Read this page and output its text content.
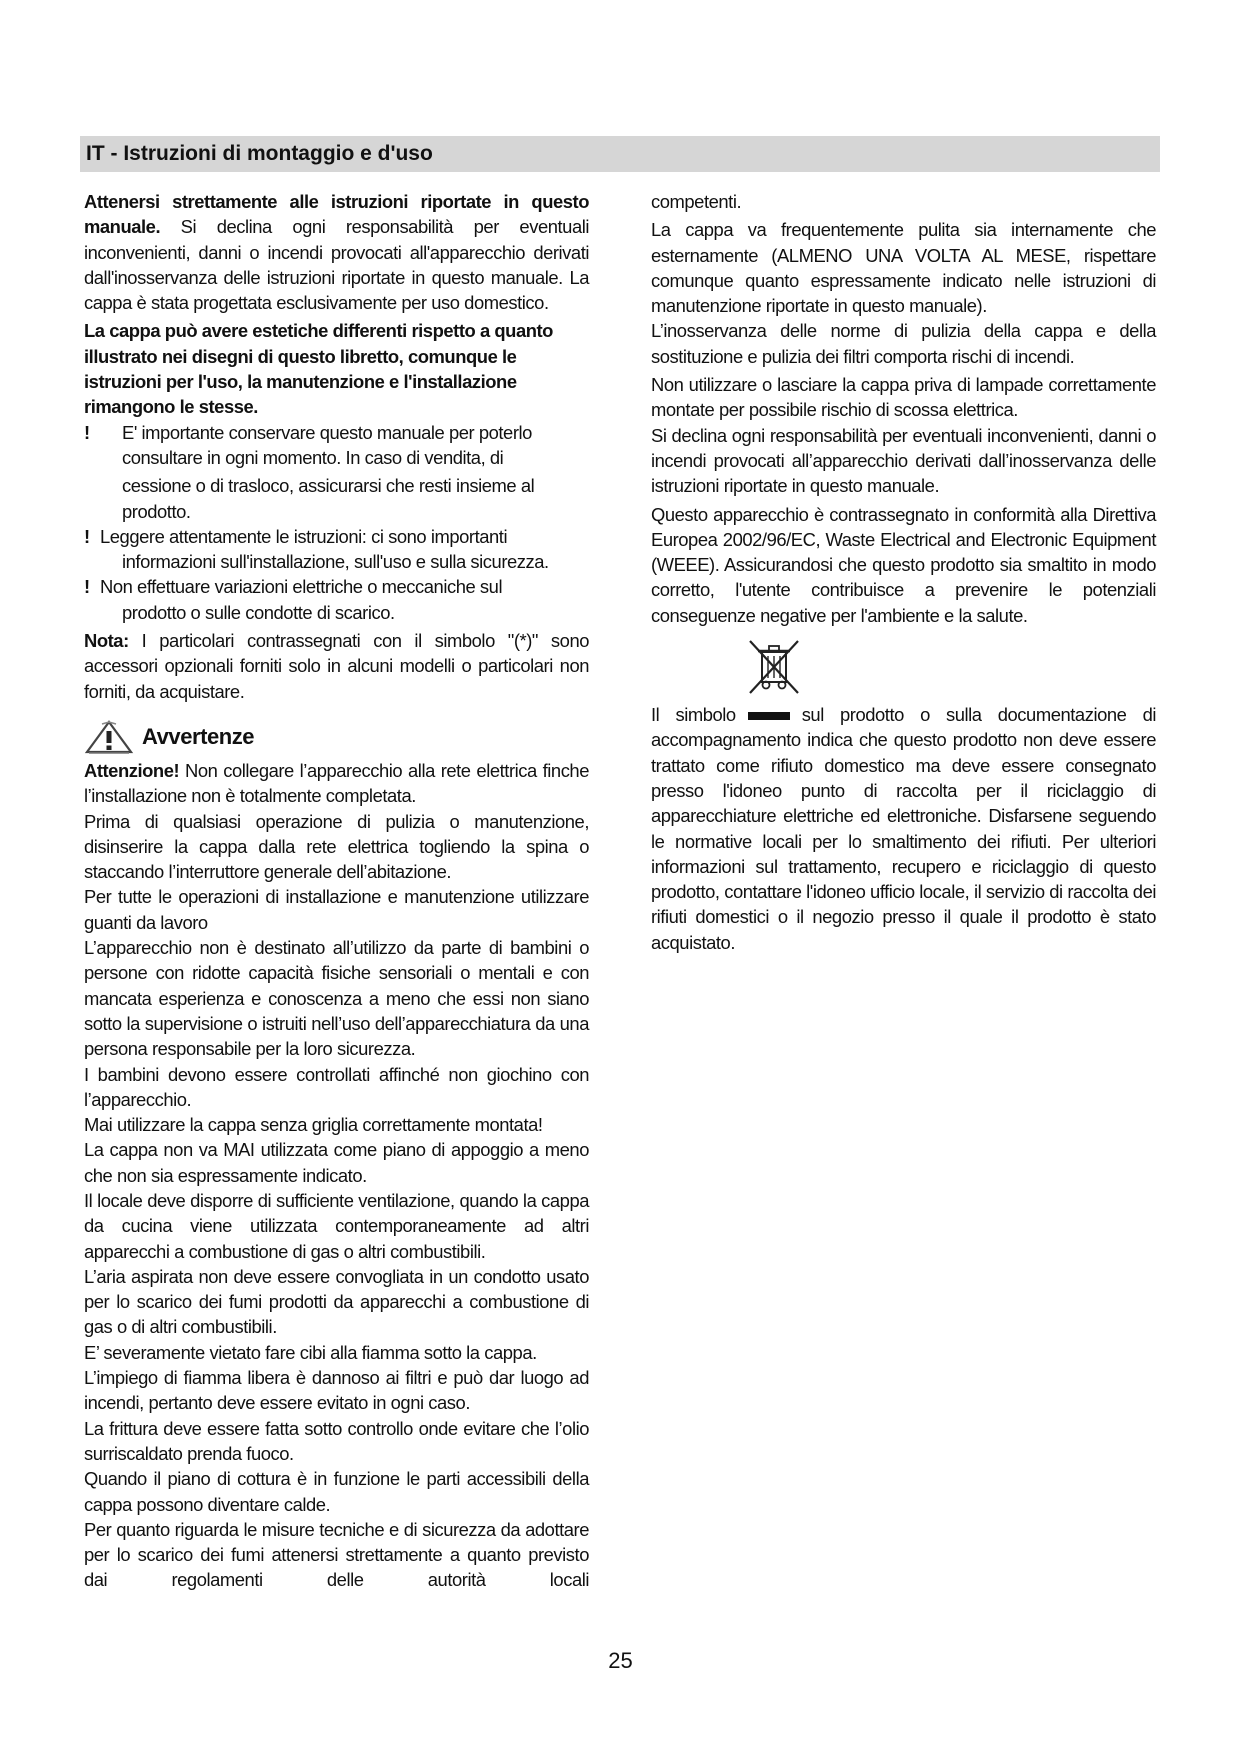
IT - Istruzioni di montaggio e d'uso

Attenersi strettamente alle istruzioni riportate in questo manuale. Si declina ogni responsabilità per eventuali inconvenienti, danni o incendi provocati all'apparecchio derivati dall'inosservanza delle istruzioni riportate in questo manuale. La cappa è stata progettata esclusivamente per uso domestico.

La cappa può avere estetiche differenti rispetto a quanto illustrato nei disegni di questo libretto, comunque le istruzioni per l'uso, la manutenzione e l'installazione rimangono le stesse.

!	E' importante conservare questo manuale per poterlo consultare in ogni momento. In caso di vendita, di
cessione o di trasloco, assicurarsi che resti insieme al prodotto.
! Leggere attentamente le istruzioni: ci sono importanti
informazioni sull'installazione, sull'uso e sulla sicurezza.
! Non effettuare variazioni elettriche o meccaniche sul
prodotto o sulle condotte di scarico.

Nota: I particolari contrassegnati con il simbolo "(*)" sono accessori opzionali forniti solo in alcuni modelli o particolari non forniti, da acquistare.

Avvertenze

Attenzione! Non collegare l’apparecchio alla rete elettrica finche l’installazione non è totalmente completata.

Prima di qualsiasi operazione di pulizia o manutenzione, disinserire la cappa dalla rete elettrica togliendo la spina o staccando l’interruttore generale dell’abitazione.

Per tutte le operazioni di installazione e manutenzione utilizzare guanti da lavoro

L’apparecchio non è destinato all’utilizzo da parte di bambini o persone con ridotte capacità fisiche sensoriali o mentali e con mancata esperienza e conoscenza a meno che essi non siano sotto la supervisione o istruiti nell’uso dell’apparecchiatura da una persona responsabile per la loro sicurezza.

I bambini devono essere controllati affinché non giochino con l’apparecchio.

Mai utilizzare la cappa senza griglia correttamente montata!

La cappa non va MAI utilizzata come piano di appoggio a meno che non sia espressamente indicato.

Il locale deve disporre di sufficiente ventilazione, quando la cappa da cucina viene utilizzata contemporaneamente ad altri apparecchi a combustione di gas o altri combustibili.

L’aria aspirata non deve essere convogliata in un condotto usato per lo scarico dei fumi prodotti da apparecchi a combustione di gas o di altri combustibili.

E’ severamente vietato fare cibi alla fiamma sotto la cappa.

L’impiego di fiamma libera è dannoso ai filtri e può dar luogo ad incendi, pertanto deve essere evitato in ogni caso.

La frittura deve essere fatta sotto controllo onde evitare che l’olio surriscaldato prenda fuoco.

Quando il piano di cottura è in funzione le parti accessibili della cappa possono diventare calde.

Per quanto riguarda le misure tecniche e di sicurezza da adottare per lo scarico dei fumi attenersi strettamente a quanto previsto dai regolamenti delle autorità locali

competenti.

La cappa va frequentemente pulita sia internamente che esternamente (ALMENO UNA VOLTA AL MESE, rispettare comunque quanto espressamente indicato nelle istruzioni di manutenzione riportate in questo manuale).

L’inosservanza delle norme di pulizia della cappa e della sostituzione e pulizia dei filtri comporta rischi di incendi.

Non utilizzare o lasciare la cappa priva di lampade correttamente montate per possibile rischio di scossa elettrica.

Si declina ogni responsabilità per eventuali inconvenienti, danni o incendi provocati all’apparecchio derivati dall’inosservanza delle istruzioni riportate in questo manuale.

Questo apparecchio è contrassegnato in conformità alla Direttiva Europea 2002/96/EC, Waste Electrical and Electronic Equipment (WEEE). Assicurandosi che questo prodotto sia smaltito in modo corretto, l'utente contribuisce a prevenire le potenziali conseguenze negative per l'ambiente e la salute.

Il simbolo	sul prodotto o sulla documentazione di accompagnamento indica che questo prodotto non deve essere trattato come rifiuto domestico ma deve essere consegnato presso l'idoneo punto di raccolta per il riciclaggio di apparecchiature elettriche ed elettroniche. Disfarsene seguendo le normative locali per lo smaltimento dei rifiuti. Per ulteriori informazioni sul trattamento, recupero e riciclaggio di questo prodotto, contattare l'idoneo ufficio locale, il servizio di raccolta dei rifiuti domestici o il negozio presso il quale il prodotto è stato acquistato.

25
